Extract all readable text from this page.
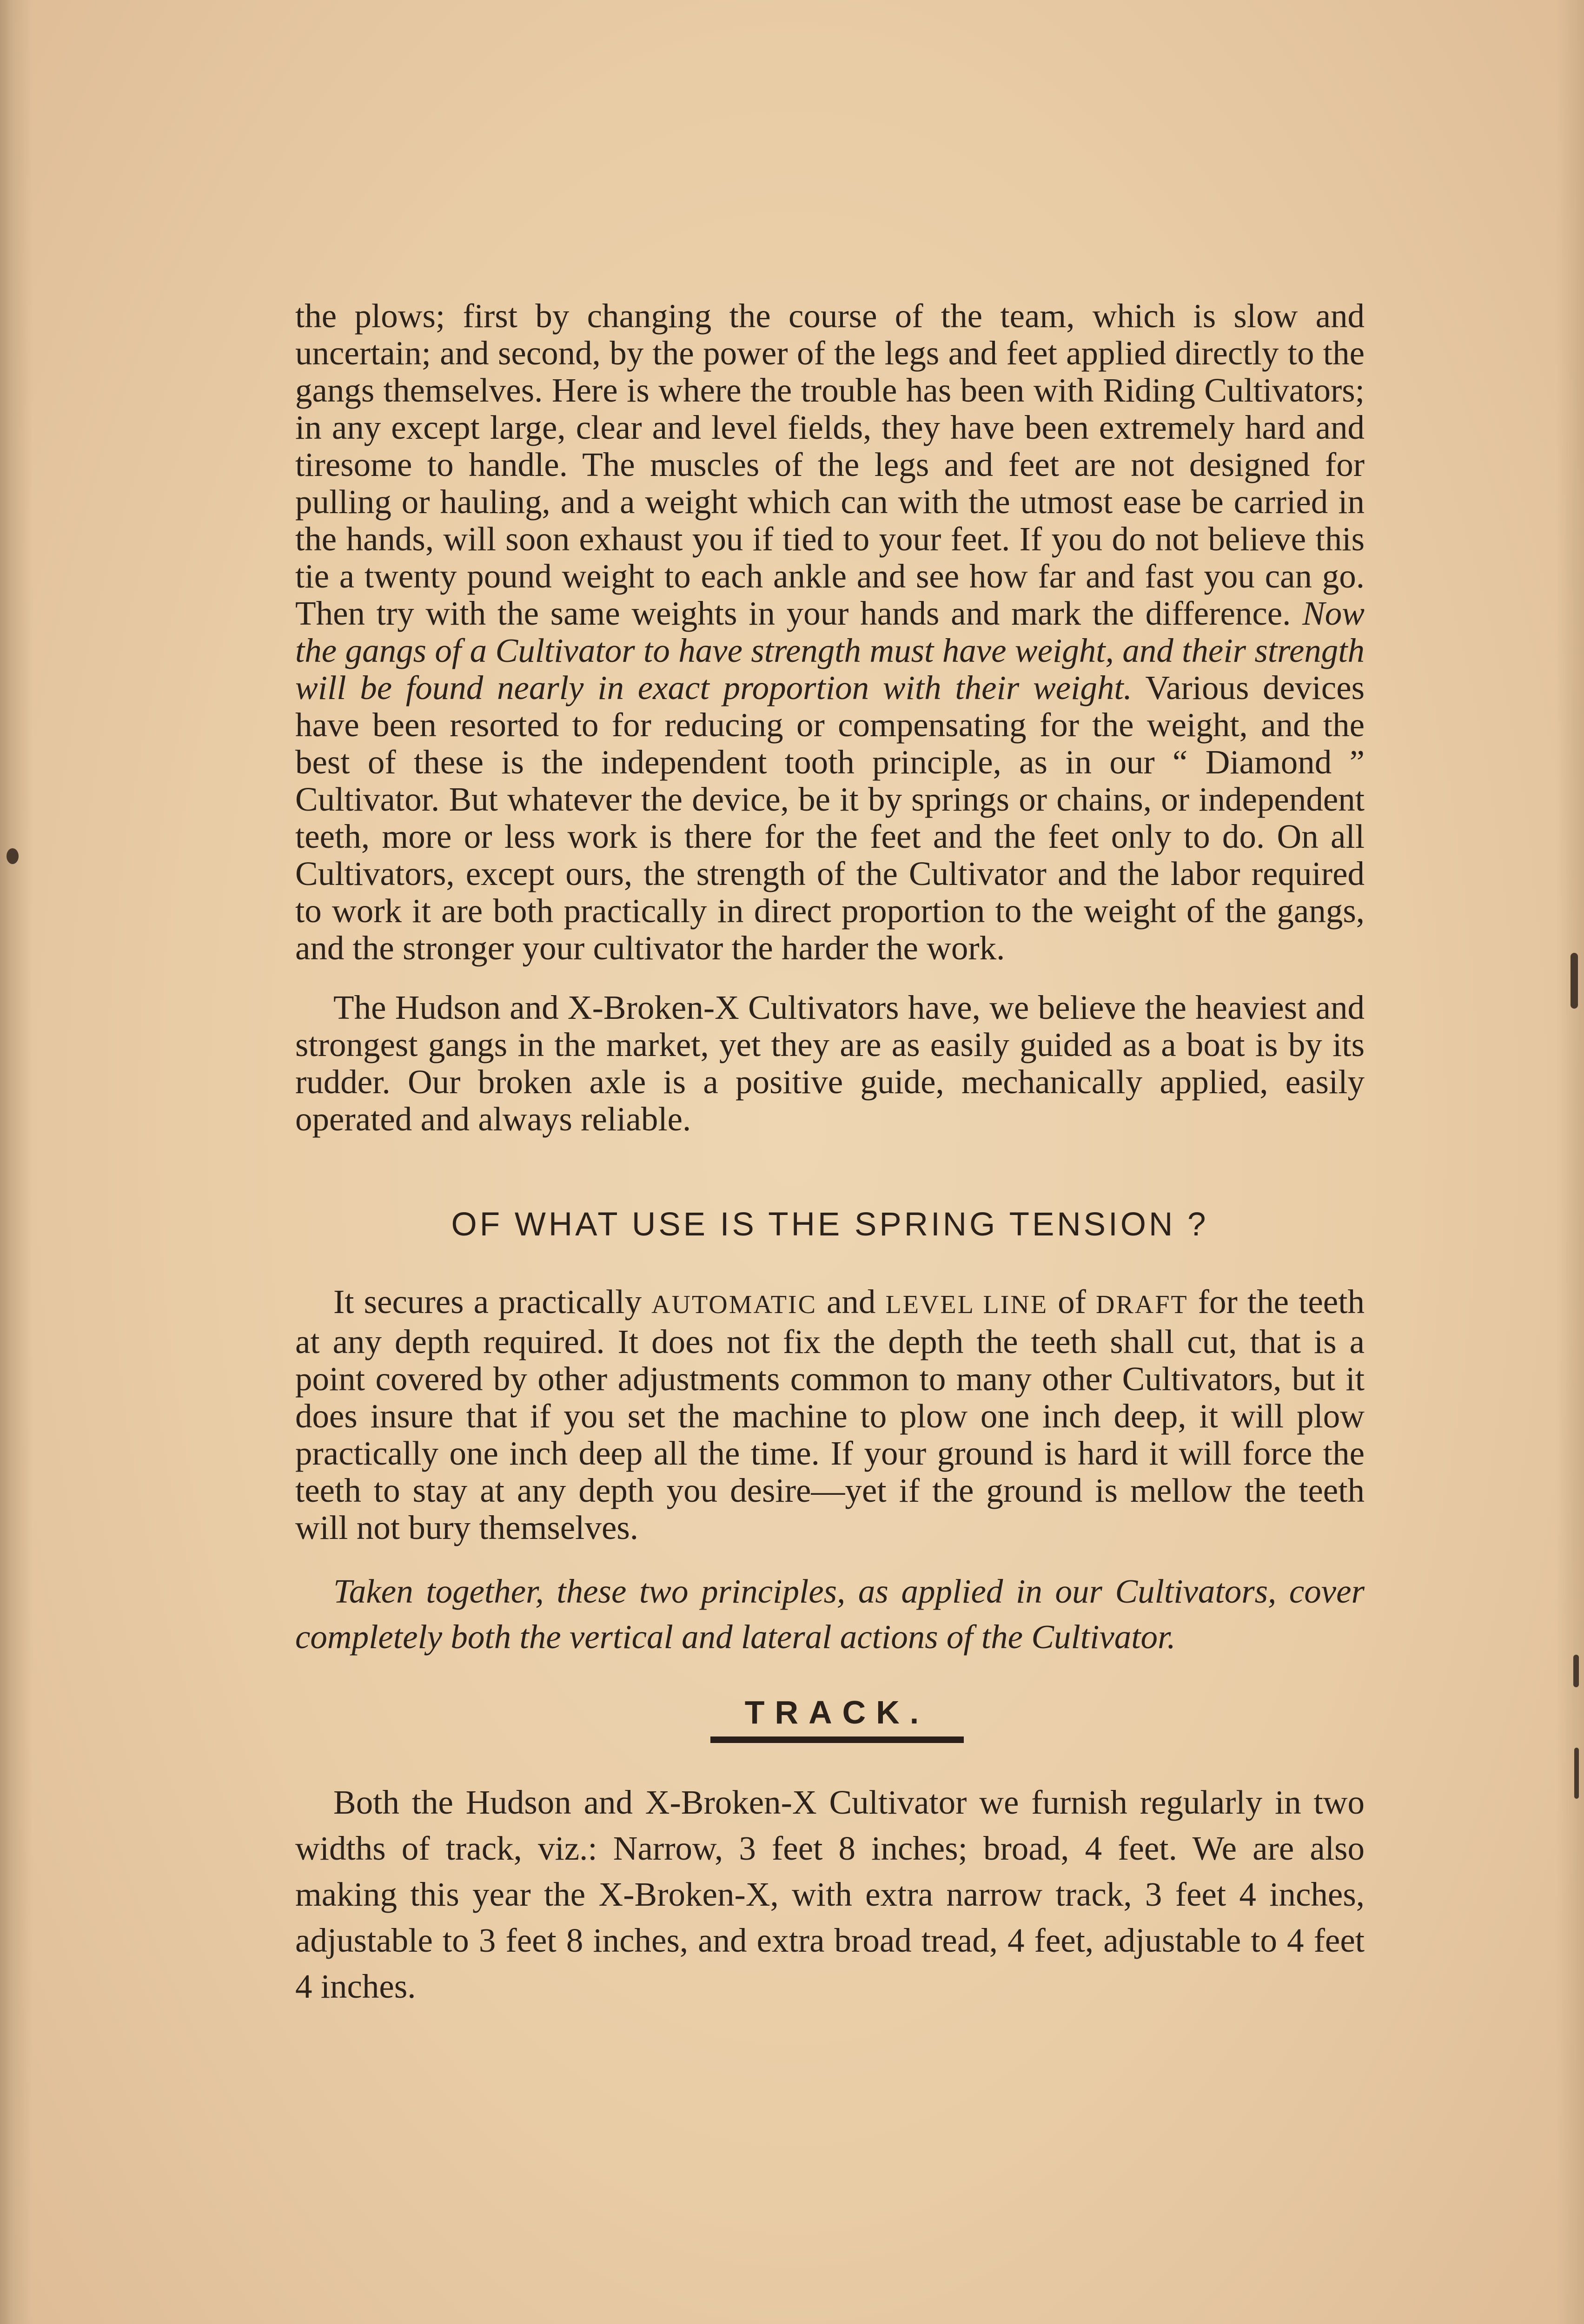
the plows; first by changing the course of the team, which is slow and uncertain; and second, by the power of the legs and feet applied directly to the gangs themselves. Here is where the trouble has been with Riding Cultivators; in any except large, clear and level fields, they have been extremely hard and tiresome to handle. The muscles of the legs and feet are not designed for pulling or hauling, and a weight which can with the utmost ease be carried in the hands, will soon exhaust you if tied to your feet. If you do not believe this tie a twenty pound weight to each ankle and see how far and fast you can go. Then try with the same weights in your hands and mark the difference. Now the gangs of a Cultivator to have strength must have weight, and their strength will be found nearly in exact proportion with their weight. Various devices have been resorted to for reducing or compensating for the weight, and the best of these is the independent tooth principle, as in our “ Diamond ” Cultivator. But whatever the device, be it by springs or chains, or independent teeth, more or less work is there for the feet and the feet only to do. On all Cultivators, except ours, the strength of the Cultivator and the labor required to work it are both practically in direct proportion to the weight of the gangs, and the stronger your cultivator the harder the work.

The Hudson and X-Broken-X Cultivators have, we believe the heaviest and strongest gangs in the market, yet they are as easily guided as a boat is by its rudder. Our broken axle is a positive guide, mechanically applied, easily operated and always reliable.

OF WHAT USE IS THE SPRING TENSION ?

It secures a practically AUTOMATIC and LEVEL LINE of DRAFT for the teeth at any depth required. It does not fix the depth the teeth shall cut, that is a point covered by other adjustments common to many other Cultivators, but it does insure that if you set the machine to plow one inch deep, it will plow practically one inch deep all the time. If your ground is hard it will force the teeth to stay at any depth you desire—yet if the ground is mellow the teeth will not bury themselves.

Taken together, these two principles, as applied in our Cultivators, cover completely both the vertical and lateral actions of the Cultivator.

TRACK.

Both the Hudson and X-Broken-X Cultivator we furnish regularly in two widths of track, viz.: Narrow, 3 feet 8 inches; broad, 4 feet. We are also making this year the X-Broken-X, with extra narrow track, 3 feet 4 inches, adjustable to 3 feet 8 inches, and extra broad tread, 4 feet, adjustable to 4 feet 4 inches.
